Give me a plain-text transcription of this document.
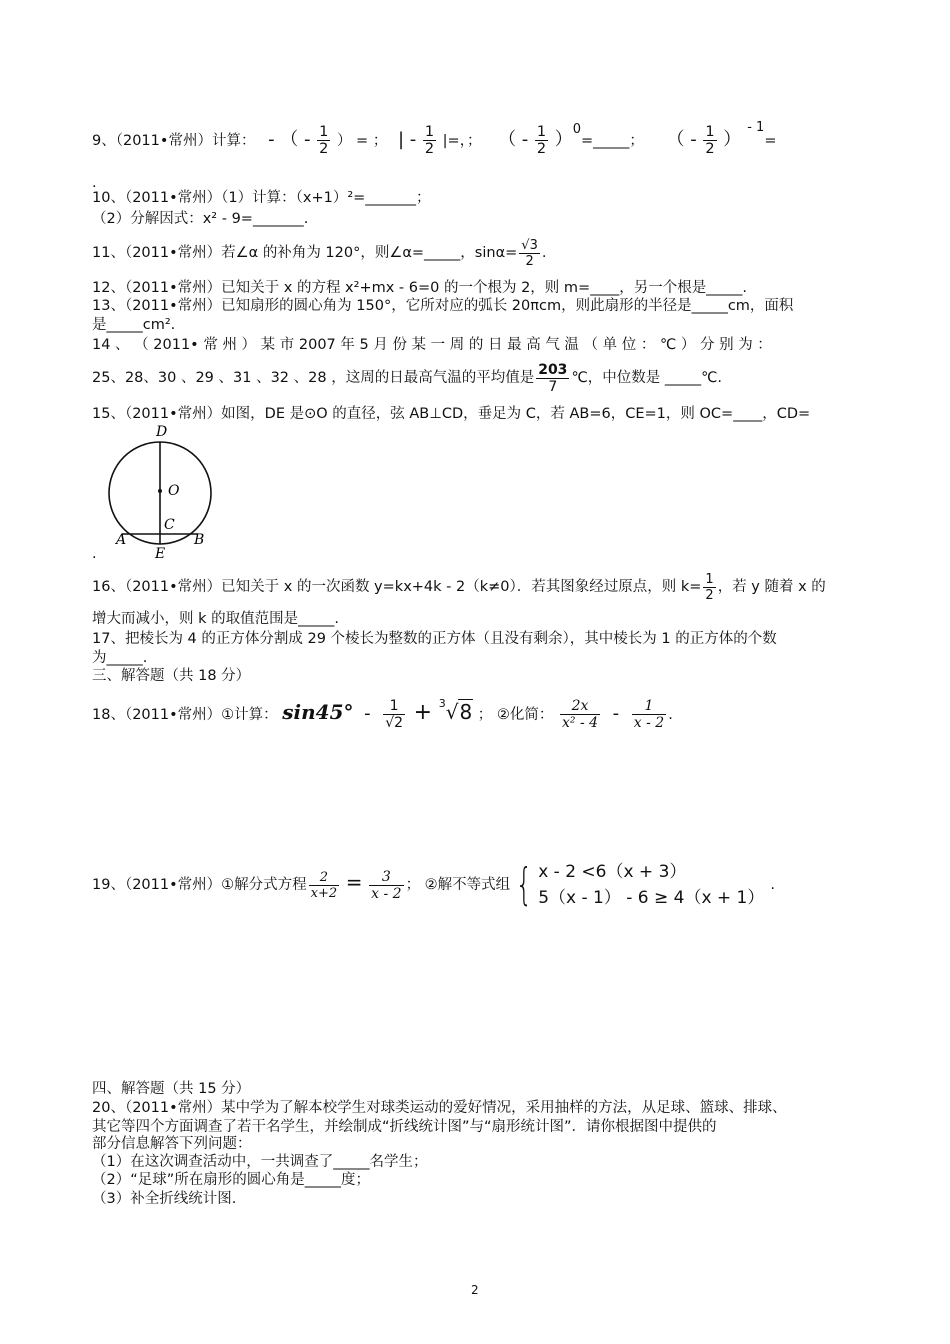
9、（2011•常州）计算： - （ - $\frac{1}{2}$ ） = ； | - $\frac{1}{2}$ |=，； （ - $\frac{1}{2}$ ）$^0$=_____； （ - $\frac{1}{2} )^{- 1}=$
.
10、（2011•常州）（1）计算：（x+1）²=_______；
（2）分解因式：x² - 9=_______.
11、（2011•常州）若∠α 的补角为 120°，则∠α=_____，$\sin\alpha= \frac{√3}{2}$ .
12、（2011•常州）已知关于 x 的方程 x²+mx - 6=0 的一个根为 2，则 m=____，另一个根是_____.
13、（2011•常州）已知扇形的圆心角为 150°，它所对应的弧长 20πcm，则此扇形的半径是_____cm，面积
是_____cm².
14 、 （ 2011• 常 州 ） 某 市 2007 年 5 月 份 某 一 周 的 日 最 高 气 温 （ 单 位 ： ℃ ） 分 别 为 ：
25、28、30 、29 、31 、32 、28 ，这周的日最高气温的平均值是 $\frac{203}{7}$ ℃，中位数是 _____℃.
15、（2011•常州）如图，DE 是⊙O 的直径，弦 AB⊥CD，垂足为 C，若 AB=6，CE=1，则 OC=____，CD=
D
O
C
A
E
B
.
16、（2011•常州）已知关于 x 的一次函数 y=kx+4k - 2（k≠0）．若其图象经过原点，则 $k= \frac{1}{2}$ ，若 y 随着 x 的
增大而减小，则 k 的取值范围是_____.
17、把棱长为 4 的正方体分割成 29 个棱长为整数的正方体（且没有剩余），其中棱长为 1 的正方体的个数
为_____.
三、解答题（共 18 分）
18、（2011•常州）①计算： $\sin 45^\circ - \frac{1}{√2} + ^3√8$ ； ②化简： $\frac{2x}{\text{x² - 4}} - \frac{1}{x - 2}$ .
19、（2011•常州）①解分式方程 $\frac{2}{x+2} = \frac{3}{x - 2}$ ； ②解不等式组 { x - 2 <6（x + 3）
5（x - 1） - 6 ≥ 4（x + 1）
.
四、解答题（共 15 分）
20、（2011•常州）某中学为了解本校学生对球类运动的爱好情况，采用抽样的方法，从足球、篮球、排球、
其它等四个方面调查了若干名学生，并绘制成“折线统计图”与“扇形统计图”．请你根据图中提供的
部分信息解答下列问题：
（1）在这次调查活动中，一共调查了_____名学生；
（2）“足球”所在扇形的圆心角是_____度；
（3）补全折线统计图.
2
